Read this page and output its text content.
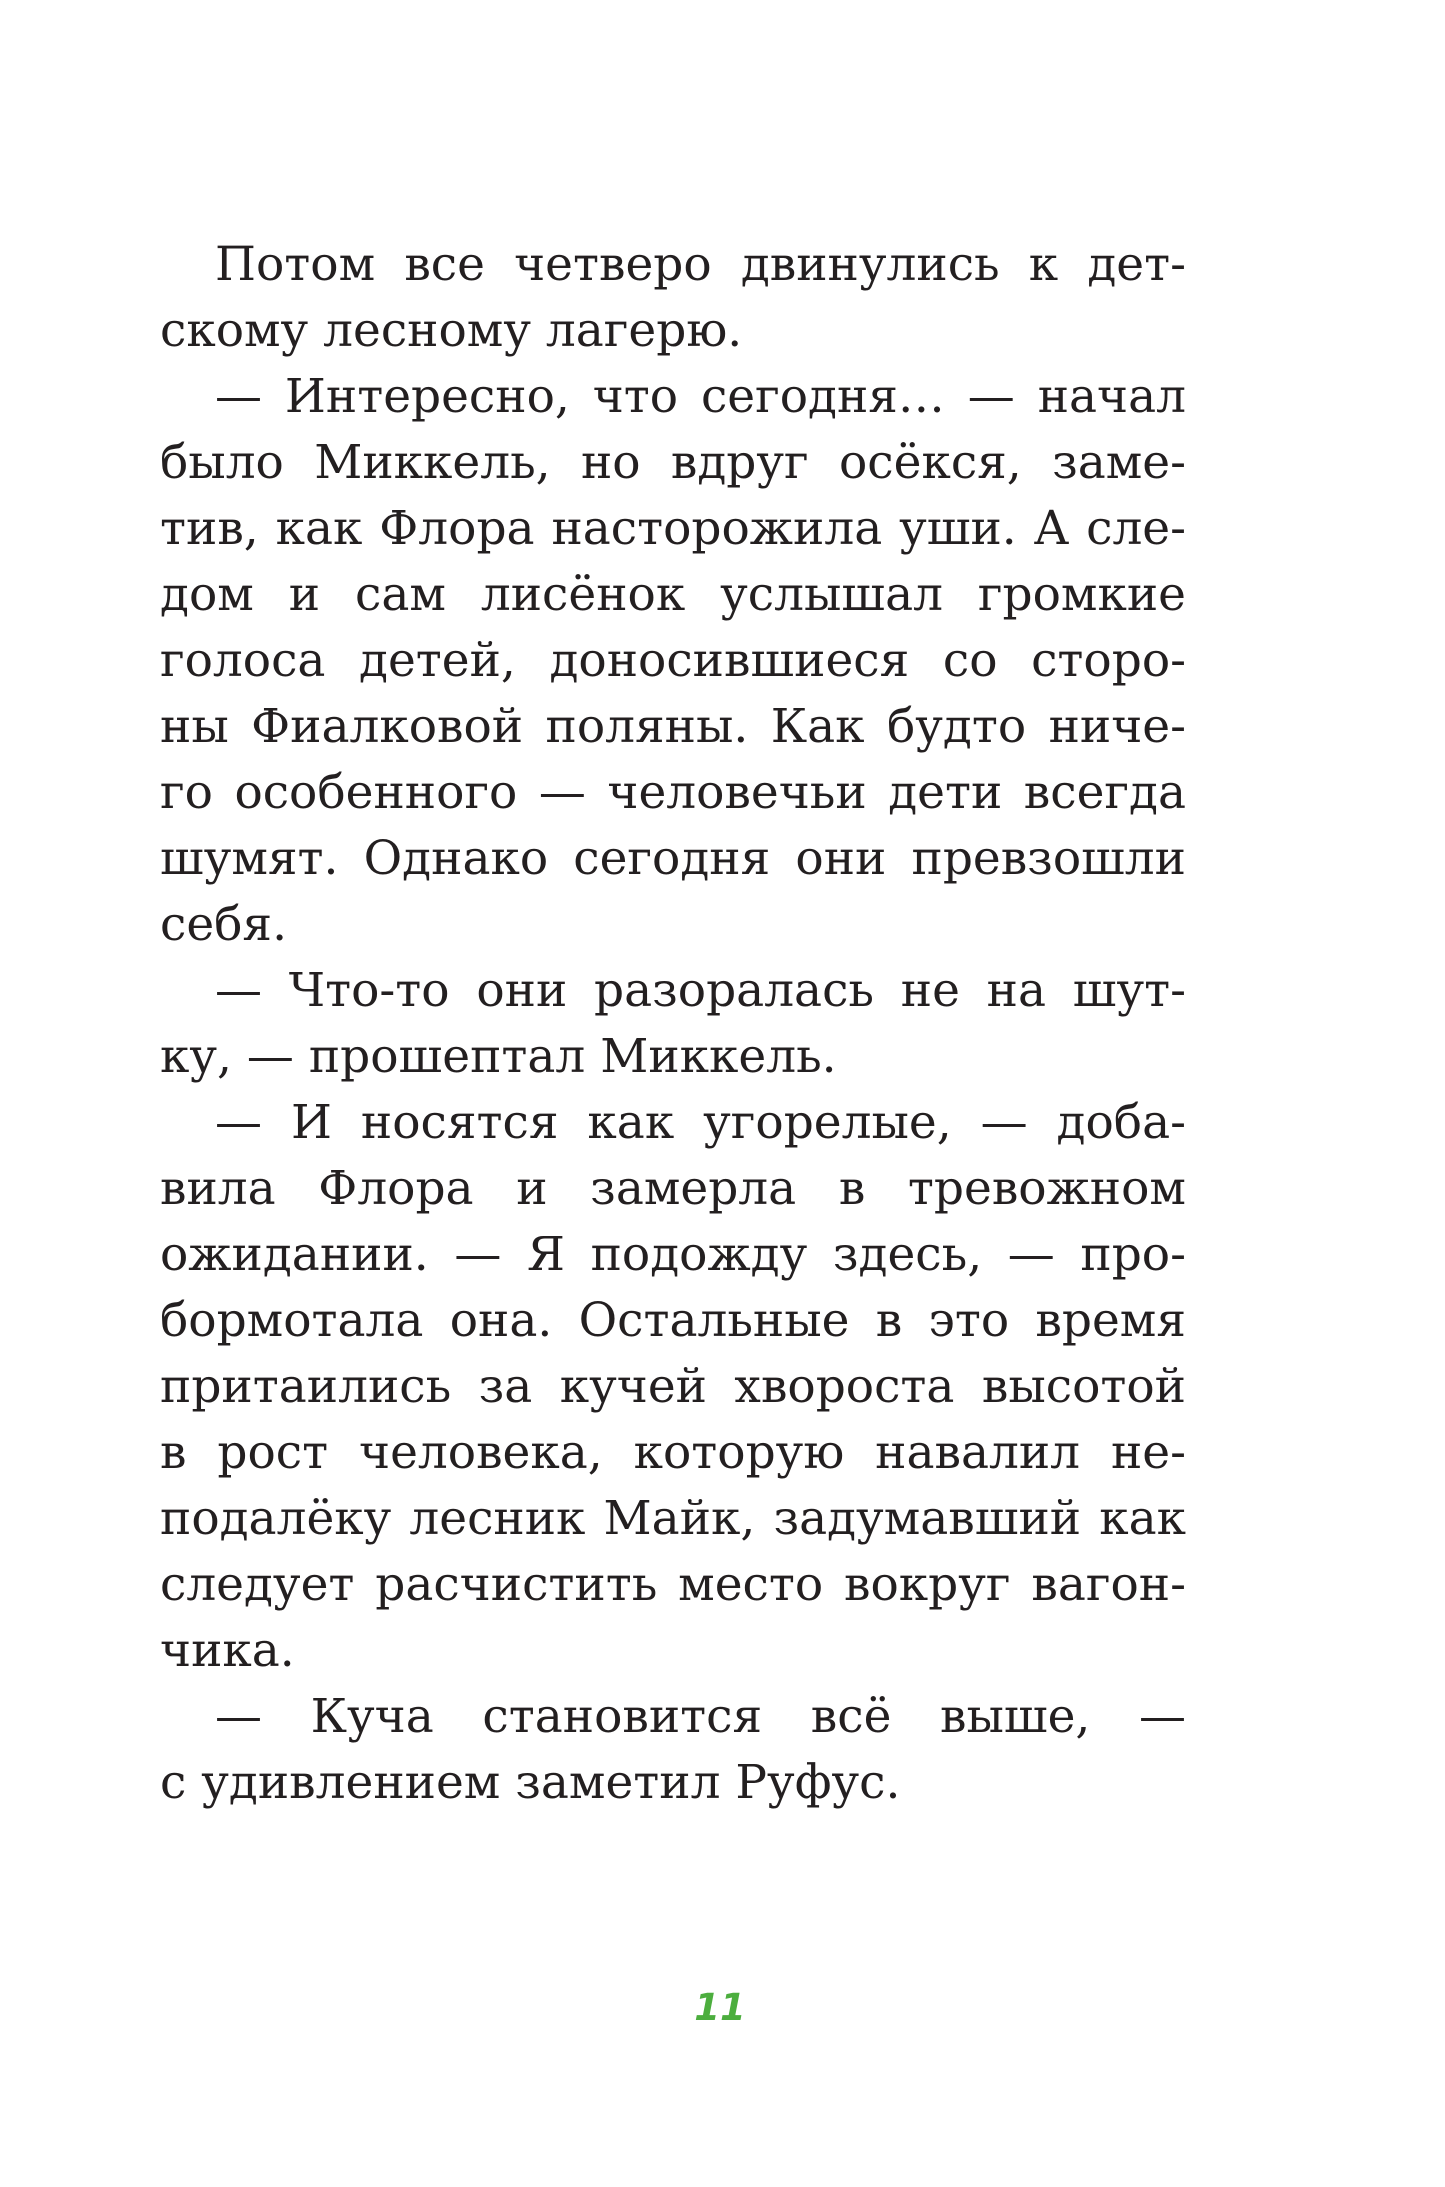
Потом все четверо двинулись к дет-
скому лесному лагерю.
— Интересно, что сегодня… — начал
было Миккель, но вдруг осёкся, заме-
тив, как Флора насторожила уши. А сле-
дом и сам лисёнок услышал громкие
голоса детей, доносившиеся со сторо-
ны Фиалковой поляны. Как будто ниче-
го особенного — человечьи дети всегда
шумят. Однако сегодня они превзошли
себя.
— Что-то они разоралась не на шут-
ку, — прошептал Миккель.
— И носятся как угорелые, — доба-
вила Флора и замерла в тревожном
ожидании. — Я подожду здесь, — про-
бормотала она. Остальные в это время
притаились за кучей хвороста высотой
в рост человека, которую навалил не-
подалёку лесник Майк, задумавший как
следует расчистить место вокруг вагон-
чика.
— Куча становится всё выше, —
с удивлением заметил Руфус.
11
